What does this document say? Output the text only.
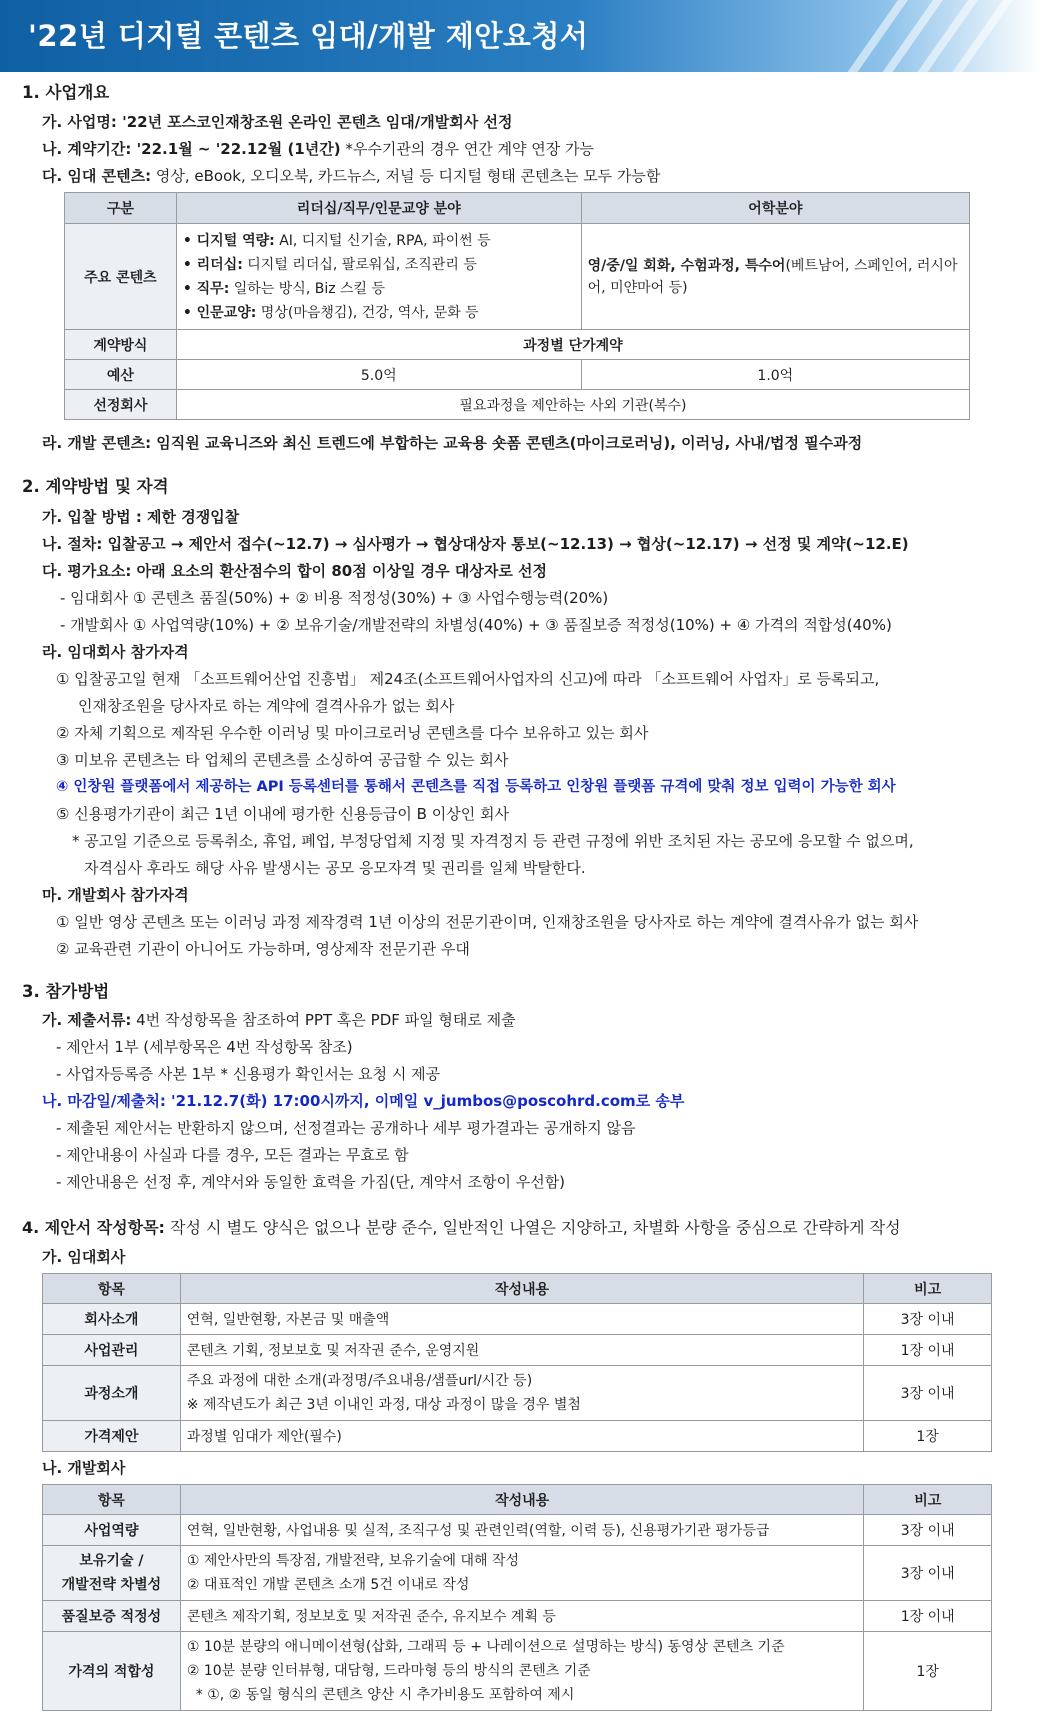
'22년 디지털 콘텐츠 임대/개발 제안요청서
1. 사업개요
가. 사업명: '22년 포스코인재창조원 온라인 콘텐츠 임대/개발회사 선정
나. 계약기간: '22.1월 ~ '22.12월 (1년간) *우수기관의 경우 연간 계약 연장 가능
다. 임대 콘텐츠: 영상, eBook, 오디오북, 카드뉴스, 저널 등 디지털 형태 콘텐츠는 모두 가능함
구분	리더십/직무/인문교양 분야	어학분야
주요 콘텐츠	• 디지털 역량: AI, 디지털 신기술, RPA, 파이썬 등
• 리더십: 디지털 리더십, 팔로워십, 조직관리 등
• 직무: 일하는 방식, Biz 스킬 등
• 인문교양: 명상(마음챙김), 건강, 역사, 문화 등	영/중/일 회화, 수험과정, 특수어(베트남어, 스페인어, 러시아어, 미얀마어 등)

계약방식	과정별 단가계약	
예산	5.0억	1.0억
선정회사	필요과정을 제안하는 사외 기관(복수)	
라. 개발 콘텐츠: 임직원 교육니즈와 최신 트렌드에 부합하는 교육용 숏폼 콘텐츠(마이크로러닝), 이러닝, 사내/법정 필수과정
2. 계약방법 및 자격
가. 입찰 방법 : 제한 경쟁입찰
나. 절차: 입찰공고 → 제안서 접수(~12.7) → 심사평가 → 협상대상자 통보(~12.13) → 협상(~12.17) → 선정 및 계약(~12.E)
다. 평가요소: 아래 요소의 환산점수의 합이 80점 이상일 경우 대상자로 선정
- 임대회사 ① 콘텐츠 품질(50%) + ② 비용 적정성(30%) + ③ 사업수행능력(20%)
- 개발회사 ① 사업역량(10%) + ② 보유기술/개발전략의 차별성(40%) + ③ 품질보증 적정성(10%) + ④ 가격의 적합성(40%)
라. 임대회사 참가자격
① 입찰공고일 현재 「소프트웨어산업 진흥법」 제24조(소프트웨어사업자의 신고)에 따라 「소프트웨어 사업자」로 등록되고,
인재창조원을 당사자로 하는 계약에 결격사유가 없는 회사
② 자체 기획으로 제작된 우수한 이러닝 및 마이크로러닝 콘텐츠를 다수 보유하고 있는 회사
③ 미보유 콘텐츠는 타 업체의 콘텐츠를 소싱하여 공급할 수 있는 회사
④ 인창원 플랫폼에서 제공하는 API 등록센터를 통해서 콘텐츠를 직접 등록하고 인창원 플랫폼 규격에 맞춰 정보 입력이 가능한 회사
⑤ 신용평가기관이 최근 1년 이내에 평가한 신용등급이 B 이상인 회사
* 공고일 기준으로 등록취소, 휴업, 폐업, 부정당업체 지정 및 자격정지 등 관련 규정에 위반 조치된 자는 공모에 응모할 수 없으며,
자격심사 후라도 해당 사유 발생시는 공모 응모자격 및 권리를 일체 박탈한다.
마. 개발회사 참가자격
① 일반 영상 콘텐츠 또는 이러닝 과정 제작경력 1년 이상의 전문기관이며, 인재창조원을 당사자로 하는 계약에 결격사유가 없는 회사
② 교육관련 기관이 아니어도 가능하며, 영상제작 전문기관 우대
3. 참가방법
가. 제출서류: 4번 작성항목을 참조하여 PPT 혹은 PDF 파일 형태로 제출
- 제안서 1부 (세부항목은 4번 작성항목 참조)
- 사업자등록증 사본 1부 * 신용평가 확인서는 요청 시 제공
나. 마감일/제출처: '21.12.7(화) 17:00시까지, 이메일 v_jumbos@poscohrd.com로 송부
- 제출된 제안서는 반환하지 않으며, 선정결과는 공개하나 세부 평가결과는 공개하지 않음
- 제안내용이 사실과 다를 경우, 모든 결과는 무효로 함
- 제안내용은 선정 후, 계약서와 동일한 효력을 가짐(단, 계약서 조항이 우선함)
4. 제안서 작성항목: 작성 시 별도 양식은 없으나 분량 준수, 일반적인 나열은 지양하고, 차별화 사항을 중심으로 간략하게 작성
가. 임대회사
항목	작성내용	비고
회사소개	연혁, 일반현황, 자본금 및 매출액	3장 이내
사업관리	콘텐츠 기획, 정보보호 및 저작권 준수, 운영지원	1장 이내
과정소개	주요 과정에 대한 소개(과정명/주요내용/샘플url/시간 등)
※ 제작년도가 최근 3년 이내인 과정, 대상 과정이 많을 경우 별첨	3장 이내
가격제안	과정별 임대가 제안(필수)	1장
나. 개발회사
항목	작성내용	비고
사업역량	연혁, 일반현황, 사업내용 및 실적, 조직구성 및 관련인력(역할, 이력 등), 신용평가기관 평가등급	3장 이내

보유기술 /
개발전략 차별성	① 제안사만의 특장점, 개발전략, 보유기술에 대해 작성
② 대표적인 개발 콘텐츠 소개 5건 이내로 작성	3장 이내
품질보증 적정성	콘텐츠 제작기획, 정보보호 및 저작권 준수, 유지보수 계획 등	1장 이내
가격의 적합성	① 10분 분량의 애니메이션형(삽화, 그래픽 등 + 나레이션으로 설명하는 방식) 동영상 콘텐츠 기준
② 10분 분량 인터뷰형, 대담형, 드라마형 등의 방식의 콘텐츠 기준
* ①, ② 동일 형식의 콘텐츠 양산 시 추가비용도 포함하여 제시	1장
